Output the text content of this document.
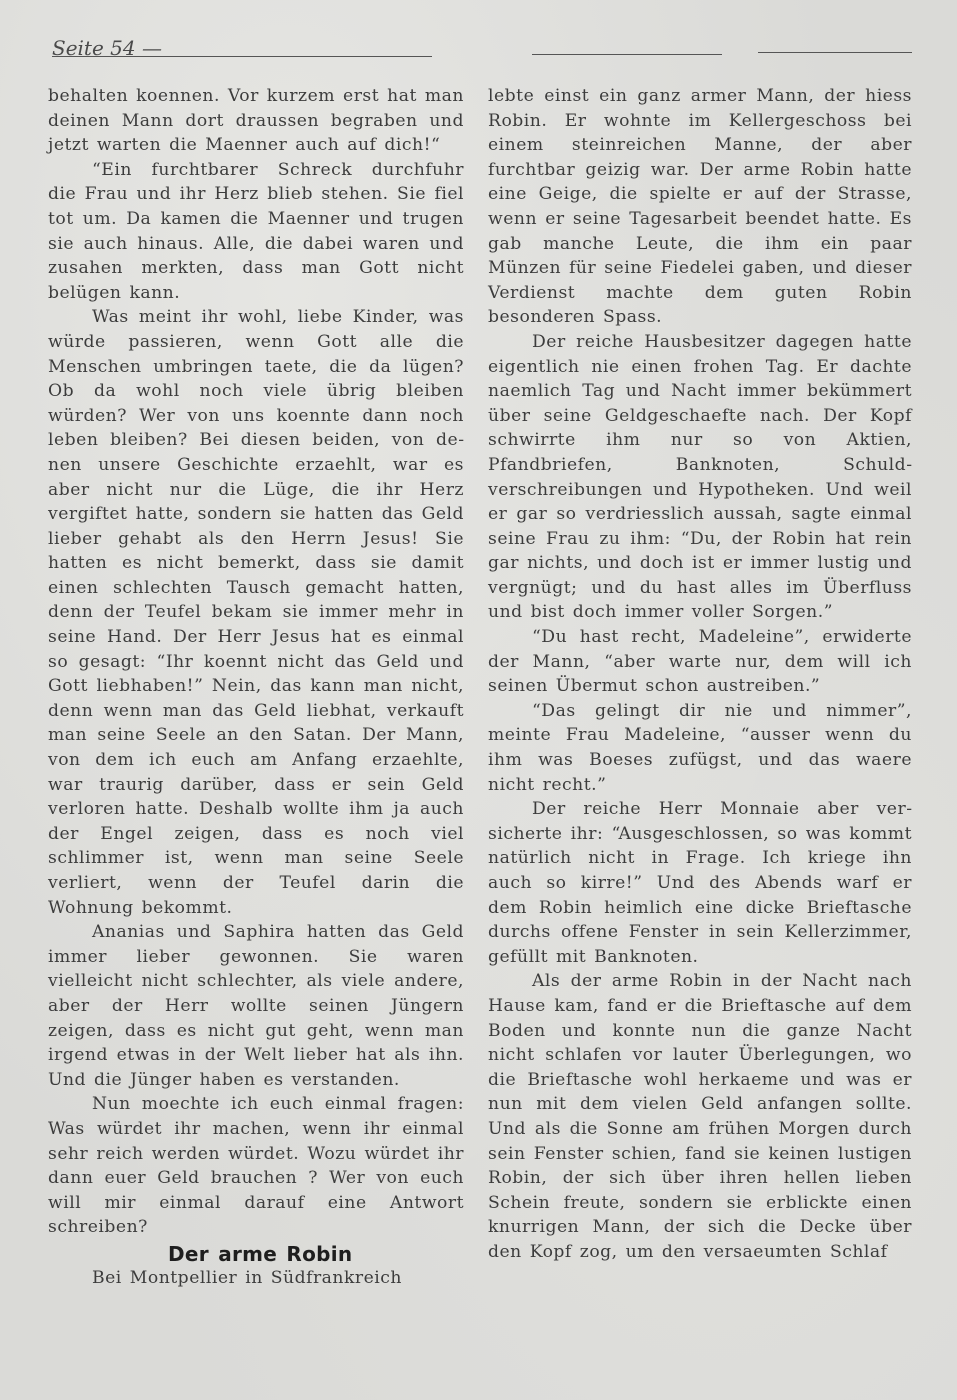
Seite 54 —

behalten koennen. Vor kurzem erst hat man deinen Mann dort draussen begraben und jetzt warten die Maenner auch auf dich!“

“Ein furchtbarer Schreck durchfuhr die Frau und ihr Herz blieb stehen. Sie fiel tot um. Da kamen die Maenner und trugen sie auch hinaus. Alle, die dabei waren und zusahen merkten, dass man Gott nicht belügen kann.

Was meint ihr wohl, liebe Kinder, was würde passieren, wenn Gott alle die Menschen umbringen taete, die da lügen? Ob da wohl noch viele übrig bleiben würden? Wer von uns koennte dann noch leben bleiben? Bei diesen beiden, von denen unsere Geschichte erzaehlt, war es aber nicht nur die Lüge, die ihr Herz vergiftet hatte, sondern sie hatten das Geld lieber gehabt als den Herrn Jesus! Sie hatten es nicht bemerkt, dass sie damit einen schlechten Tausch gemacht hatten, denn der Teufel bekam sie immer mehr in seine Hand. Der Herr Jesus hat es einmal so gesagt: “Ihr koennt nicht das Geld und Gott liebhaben!” Nein, das kann man nicht, denn wenn man das Geld liebhat, verkauft man seine Seele an den Satan. Der Mann, von dem ich euch am Anfang erzaehlte, war traurig darüber, dass er sein Geld verloren hatte. Deshalb wollte ihm ja auch der Engel zeigen, dass es noch viel schlimmer ist, wenn man seine Seele verliert, wenn der Teufel darin die Wohnung bekommt.

Ananias und Saphira hatten das Geld immer lieber gewonnen. Sie waren vielleicht nicht schlechter, als viele andere, aber der Herr wollte seinen Jüngern zeigen, dass es nicht gut geht, wenn man irgend etwas in der Welt lieber hat als ihn. Und die Jünger haben es verstanden.

Nun moechte ich euch einmal fragen: Was würdet ihr machen, wenn ihr einmal sehr reich werden würdet. Wozu würdet ihr dann euer Geld brauchen ? Wer von euch will mir einmal darauf eine Antwort schreiben?

Der arme Robin

Bei Montpellier in Südfrankreich

lebte einst ein ganz armer Mann, der hiess Robin. Er wohnte im Kellergeschoss bei einem steinreichen Manne, der aber furchtbar geizig war. Der arme Robin hatte eine Geige, die spielte er auf der Strasse, wenn er seine Tagesarbeit beendet hatte. Es gab manche Leute, die ihm ein paar Münzen für seine Fiedelei gaben, und dieser Verdienst machte dem guten Robin besonderen Spass.

Der reiche Hausbesitzer dagegen hatte eigentlich nie einen frohen Tag. Er dachte naemlich Tag und Nacht immer bekümmert über seine Geldgeschaefte nach. Der Kopf schwirrte ihm nur so von Aktien, Pfandbriefen, Banknoten, Schuldverschreibungen und Hypotheken. Und weil er gar so verdriesslich aussah, sagte einmal seine Frau zu ihm: “Du, der Robin hat rein gar nichts, und doch ist er immer lustig und vergnügt; und du hast alles im Überfluss und bist doch immer voller Sorgen.”

“Du hast recht, Madeleine”, erwiderte der Mann, “aber warte nur, dem will ich seinen Übermut schon austreiben.”

“Das gelingt dir nie und nimmer”, meinte Frau Madeleine, “ausser wenn du ihm was Boeses zufügst, und das waere nicht recht.”

Der reiche Herr Monnaie aber versicherte ihr: “Ausgeschlossen, so was kommt natürlich nicht in Frage. Ich kriege ihn auch so kirre!” Und des Abends warf er dem Robin heimlich eine dicke Brieftasche durchs offene Fenster in sein Kellerzimmer, gefüllt mit Banknoten.

Als der arme Robin in der Nacht nach Hause kam, fand er die Brieftasche auf dem Boden und konnte nun die ganze Nacht nicht schlafen vor lauter Überlegungen, wo die Brieftasche wohl herkaeme und was er nun mit dem vielen Geld anfangen sollte. Und als die Sonne am frühen Morgen durch sein Fenster schien, fand sie keinen lustigen Robin, der sich über ihren hellen lieben Schein freute, sondern sie erblickte einen knurrigen Mann, der sich die Decke über den Kopf zog, um den versaeumten Schlaf
